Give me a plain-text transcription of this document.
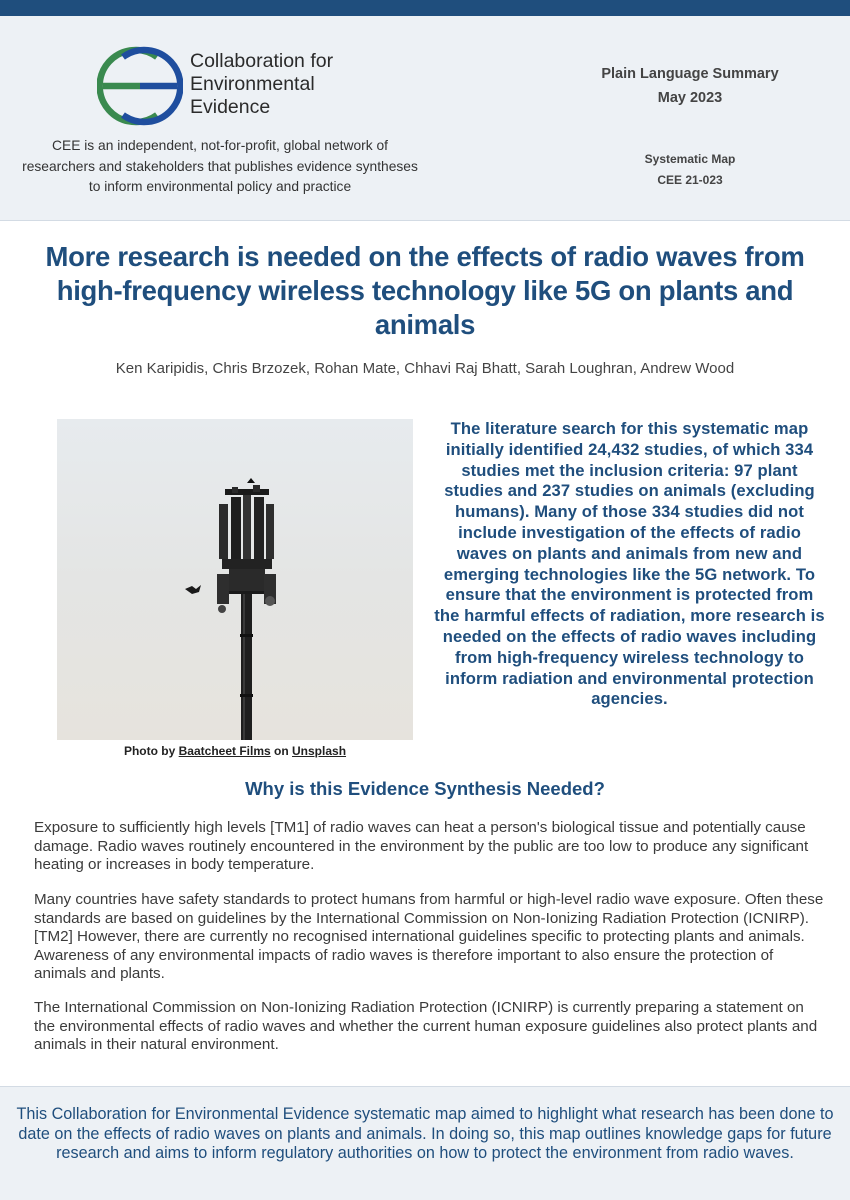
Collaboration for
Environmental
Evidence
CEE is an independent, not-for-profit, global network of researchers and stakeholders that publishes evidence syntheses to inform environmental policy and practice
Plain Language Summary
May 2023
Systematic Map
CEE 21-023
More research is needed on the effects of radio waves from high-frequency wireless technology like 5G on plants and animals
Ken Karipidis, Chris Brzozek, Rohan Mate, Chhavi Raj Bhatt, Sarah Loughran, Andrew Wood
Photo by Baatcheet Films on Unsplash
The literature search for this systematic map initially identified 24,432 studies, of which 334 studies met the inclusion criteria: 97 plant studies and 237 studies on animals (excluding humans). Many of those 334 studies did not include investigation of the effects of radio waves on plants and animals from new and emerging technologies like the 5G network. To ensure that the environment is protected from the harmful effects of radiation, more research is needed on the effects of radio waves including from high-frequency wireless technology to inform radiation and environmental protection agencies.
Why is this Evidence Synthesis Needed?

Exposure to sufficiently high levels [TM1] of radio waves can heat a person's biological tissue and potentially cause damage. Radio waves routinely encountered in the environment by the public are too low to produce any significant heating or increases in body temperature.

Many countries have safety standards to protect humans from harmful or high-level radio wave exposure. Often these standards are based on guidelines by the International Commission on Non-Ionizing Radiation Protection (ICNIRP). [TM2] However, there are currently no recognised international guidelines specific to protecting plants and animals. Awareness of any environmental impacts of radio waves is therefore important to also ensure the protection of animals and plants.

The International Commission on Non-Ionizing Radiation Protection (ICNIRP) is currently preparing a statement on the environmental effects of radio waves and whether the current human exposure guidelines also protect plants and animals in their natural environment.

This Collaboration for Environmental Evidence systematic map aimed to highlight what research has been done to date on the effects of radio waves on plants and animals. In doing so, this map outlines knowledge gaps for future research and aims to inform regulatory authorities on how to protect the environment from radio waves.
